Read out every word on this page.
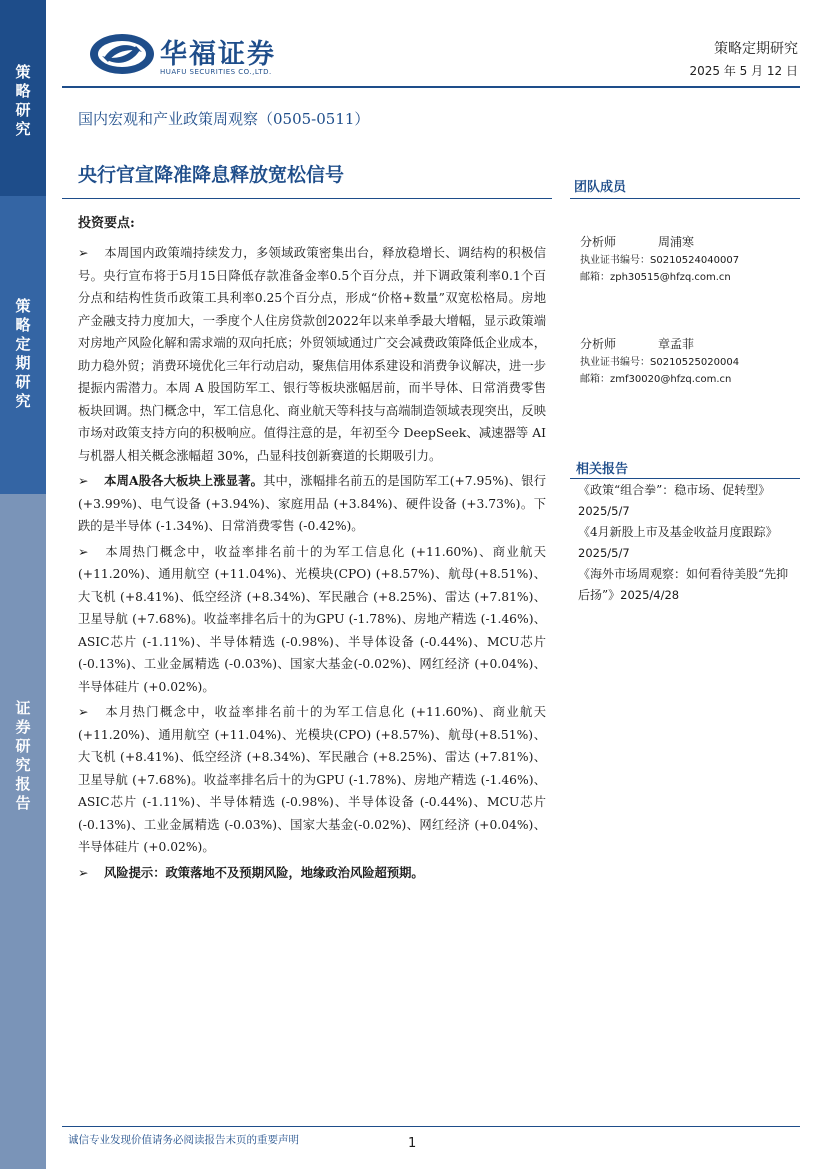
策略研究
策略定期研究
证券研究报告
华福证券
HUAFU SECURITIES CO.,LTD.
策略定期研究
2025 年 5 月 12 日
国内宏观和产业政策周观察（0505-0511）
央行官宣降准降息释放宽松信号
投资要点:

➢ 本周国内政策端持续发力，多领域政策密集出台，释放稳增长、调结构的积极信号。央行宣布将于5月15日降低存款准备金率0.5个百分点，并下调政策利率0.1个百分点和结构性货币政策工具利率0.25个百分点，形成“价格+数量”双宽松格局。房地产金融支持力度加大，一季度个人住房贷款创2022年以来单季最大增幅，显示政策端对房地产风险化解和需求端的双向托底；外贸领域通过广交会减费政策降低企业成本，助力稳外贸；消费环境优化三年行动启动，聚焦信用体系建设和消费争议解决，进一步提振内需潜力。本周 A 股国防军工、银行等板块涨幅居前，而半导体、日常消费零售板块回调。热门概念中，军工信息化、商业航天等科技与高端制造领域表现突出，反映市场对政策支持方向的积极响应。值得注意的是，年初至今 DeepSeek、减速器等 AI 与机器人相关概念涨幅超 30%，凸显科技创新赛道的长期吸引力。

➢ 本周A股各大板块上涨显著。其中，涨幅排名前五的是国防军工(+7.95%)、银行 (+3.99%)、电气设备 (+3.94%)、家庭用品 (+3.84%)、硬件设备 (+3.73%)。下跌的是半导体 (-1.34%)、日常消费零售 (-0.42%)。

➢ 本周热门概念中，收益率排名前十的为军工信息化 (+11.60%)、商业航天 (+11.20%)、通用航空 (+11.04%)、光模块(CPO) (+8.57%)、航母(+8.51%)、大飞机 (+8.41%)、低空经济 (+8.34%)、军民融合 (+8.25%)、雷达 (+7.81%)、卫星导航 (+7.68%)。收益率排名后十的为GPU (-1.78%)、房地产精选 (-1.46%)、ASIC芯片 (-1.11%)、半导体精选 (-0.98%)、半导体设备 (-0.44%)、MCU芯片 (-0.13%)、工业金属精选 (-0.03%)、国家大基金(-0.02%)、网红经济 (+0.04%)、半导体硅片 (+0.02%)。

➢ 本月热门概念中，收益率排名前十的为军工信息化 (+11.60%)、商业航天 (+11.20%)、通用航空 (+11.04%)、光模块(CPO) (+8.57%)、航母(+8.51%)、大飞机 (+8.41%)、低空经济 (+8.34%)、军民融合 (+8.25%)、雷达 (+7.81%)、卫星导航 (+7.68%)。收益率排名后十的为GPU (-1.78%)、房地产精选 (-1.46%)、ASIC芯片 (-1.11%)、半导体精选 (-0.98%)、半导体设备 (-0.44%)、MCU芯片 (-0.13%)、工业金属精选 (-0.03%)、国家大基金(-0.02%)、网红经济 (+0.04%)、半导体硅片 (+0.02%)。

➢ 风险提示：政策落地不及预期风险，地缘政治风险超预期。

团队成员
分析师	周浦寒
执业证书编号：S0210524040007
邮箱：zph30515@hfzq.com.cn
分析师	章孟菲
执业证书编号：S0210525020004
邮箱：zmf30020@hfzq.com.cn
相关报告
《政策“组合拳”：稳市场、促转型》2025/5/7
《4月新股上市及基金收益月度跟踪》2025/5/7
《海外市场周观察：如何看待美股“先抑后扬”》2025/4/28
诚信专业发现价值请务必阅读报告末页的重要声明	1
